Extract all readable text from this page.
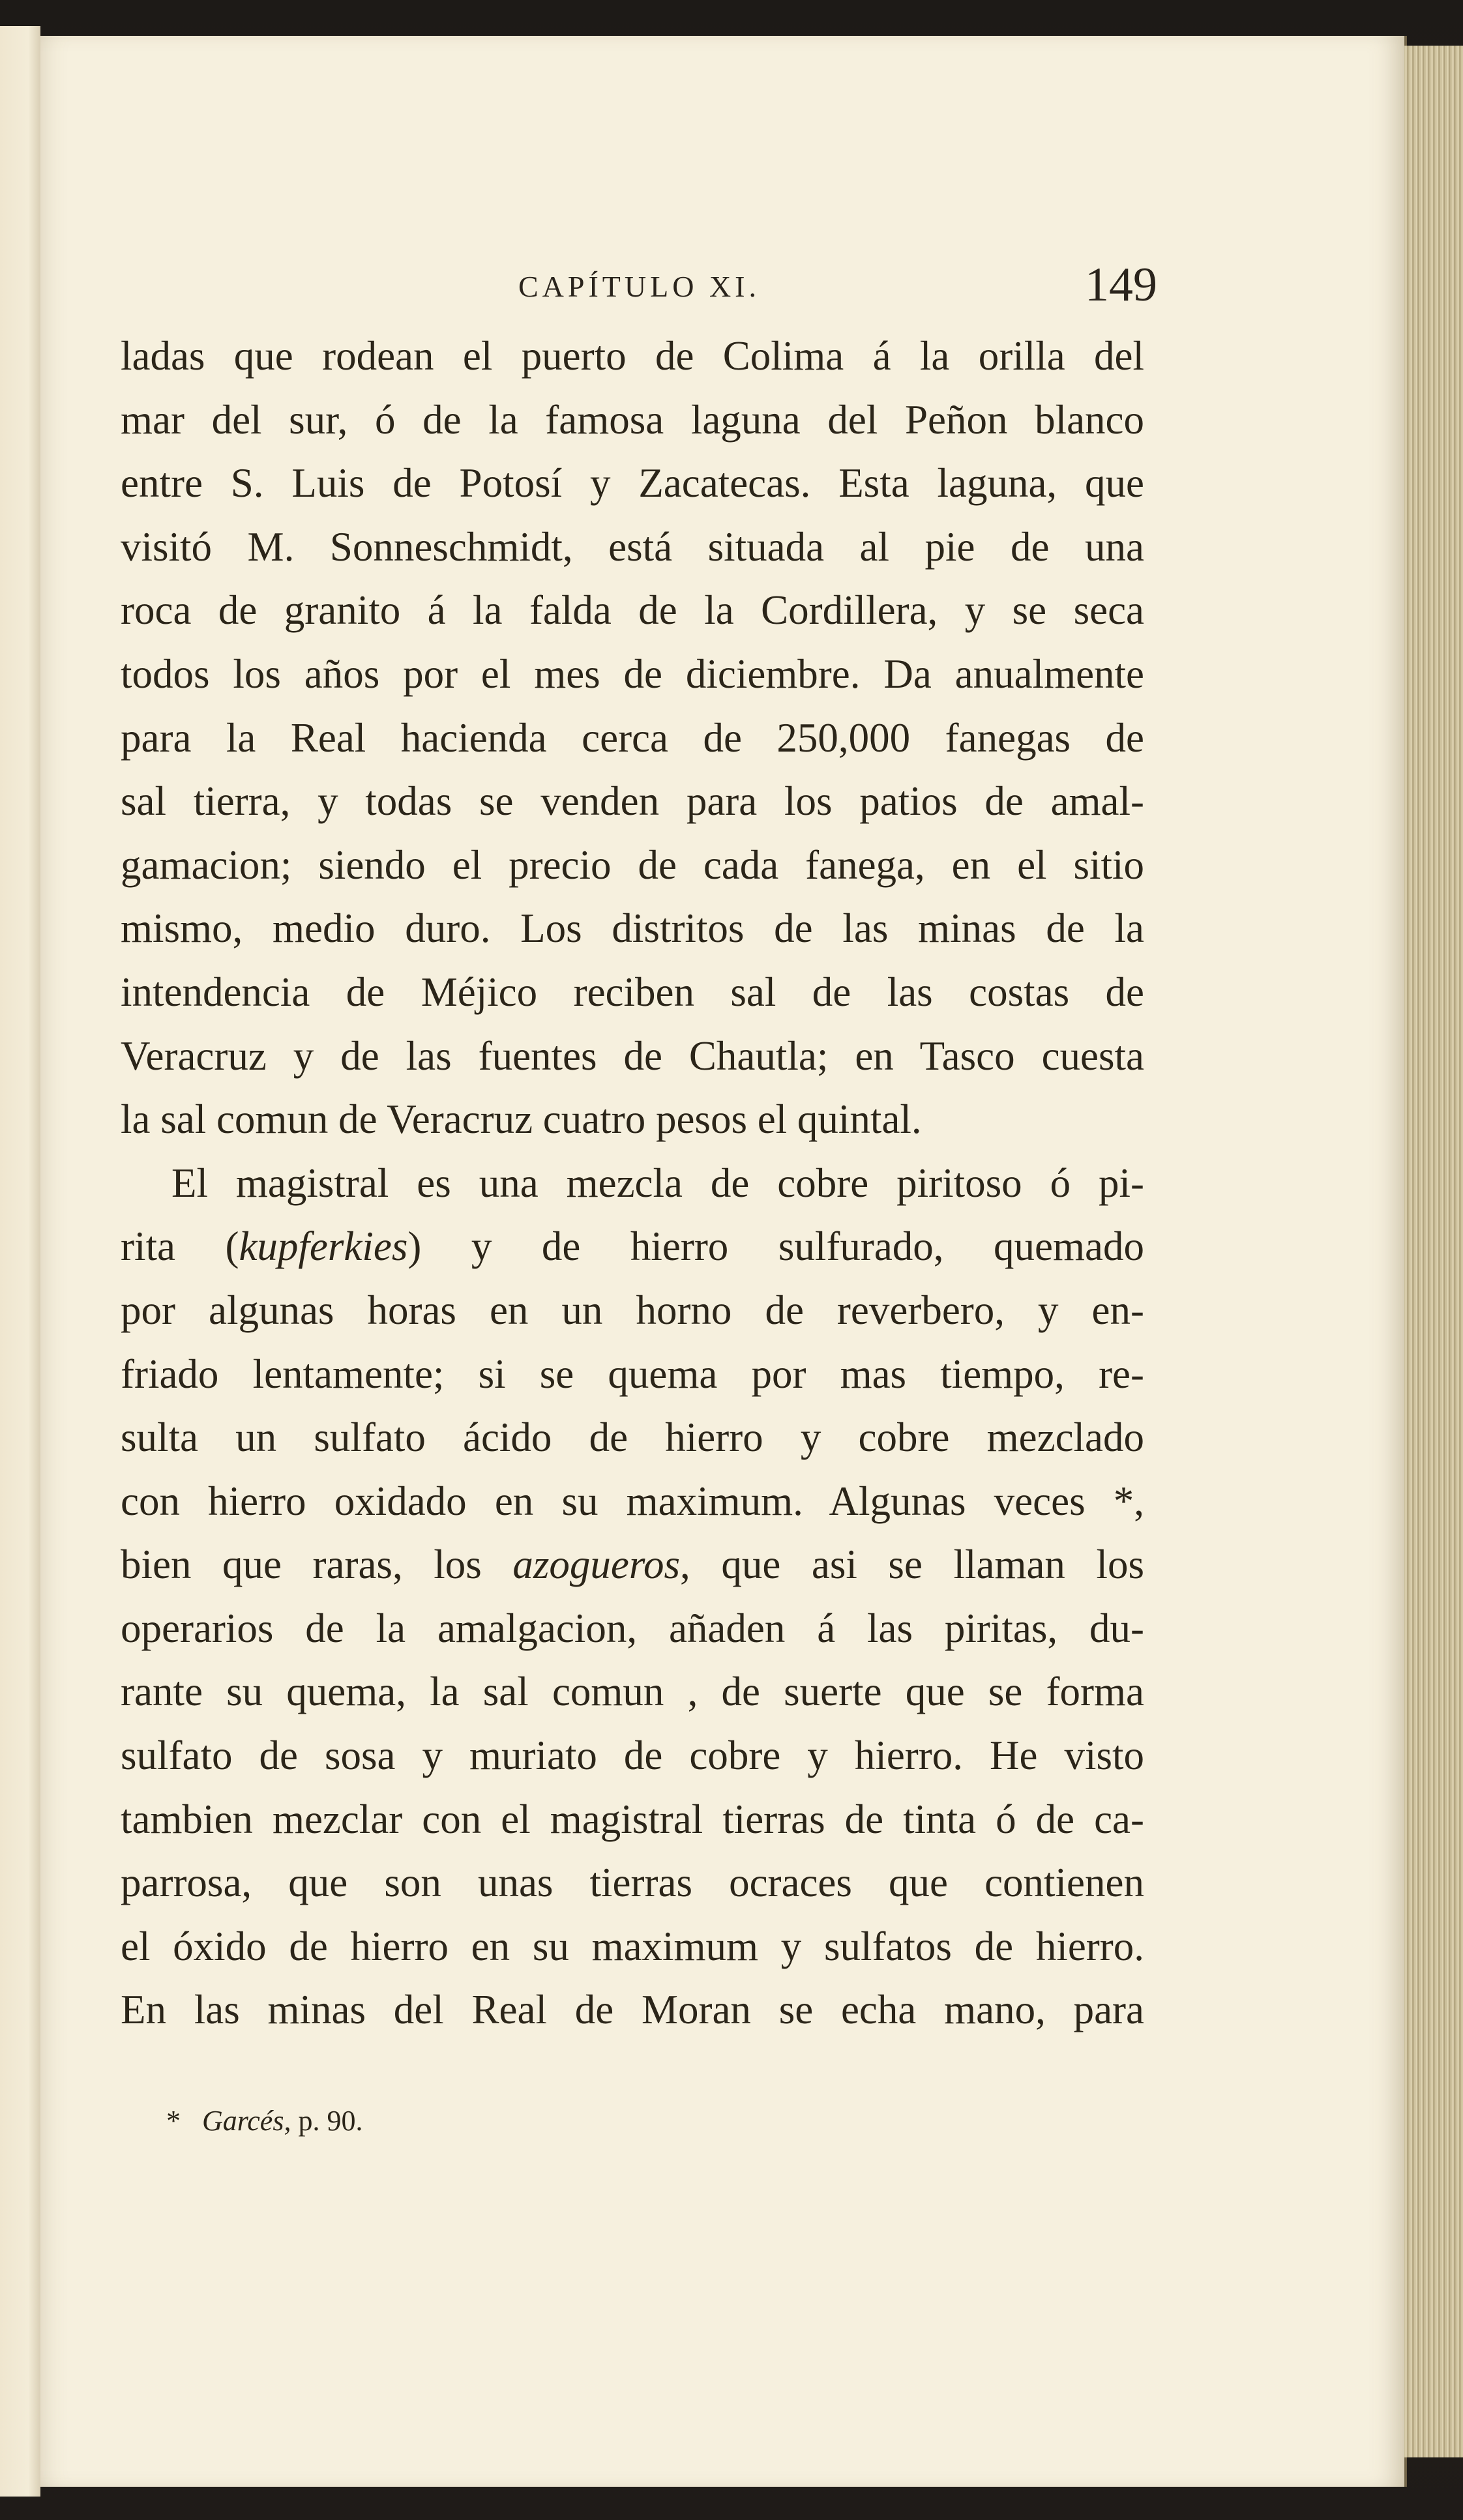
CAPÍTULO XI.	149
ladas que rodean el puerto de Colima á la orilla del
mar del sur, ó de la famosa laguna del Peñon blanco
entre S. Luis de Potosí y Zacatecas. Esta laguna, que
visitó M. Sonneschmidt, está situada al pie de una
roca de granito á la falda de la Cordillera, y se seca
todos los años por el mes de diciembre. Da anualmente
para la Real hacienda cerca de 250,000 fanegas de
sal tierra, y todas se venden para los patios de amal-
gamacion; siendo el precio de cada fanega, en el sitio
mismo, medio duro. Los distritos de las minas de la
intendencia de Méjico reciben sal de las costas de
Veracruz y de las fuentes de Chautla; en Tasco cuesta
la sal comun de Veracruz cuatro pesos el quintal.
El magistral es una mezcla de cobre piritoso ó pi-
rita (kupferkies) y de hierro sulfurado, quemado
por algunas horas en un horno de reverbero, y en-
friado lentamente; si se quema por mas tiempo, re-
sulta un sulfato ácido de hierro y cobre mezclado
con hierro oxidado en su maximum. Algunas veces *,
bien que raras, los azogueros, que asi se llaman los
operarios de la amalgacion, añaden á las piritas, du-
rante su quema, la sal comun , de suerte que se forma
sulfato de sosa y muriato de cobre y hierro. He visto
tambien mezclar con el magistral tierras de tinta ó de ca-
parrosa, que son unas tierras ocraces que contienen
el óxido de hierro en su maximum y sulfatos de hierro.
En las minas del Real de Moran se echa mano, para
* Garcés, p. 90.
